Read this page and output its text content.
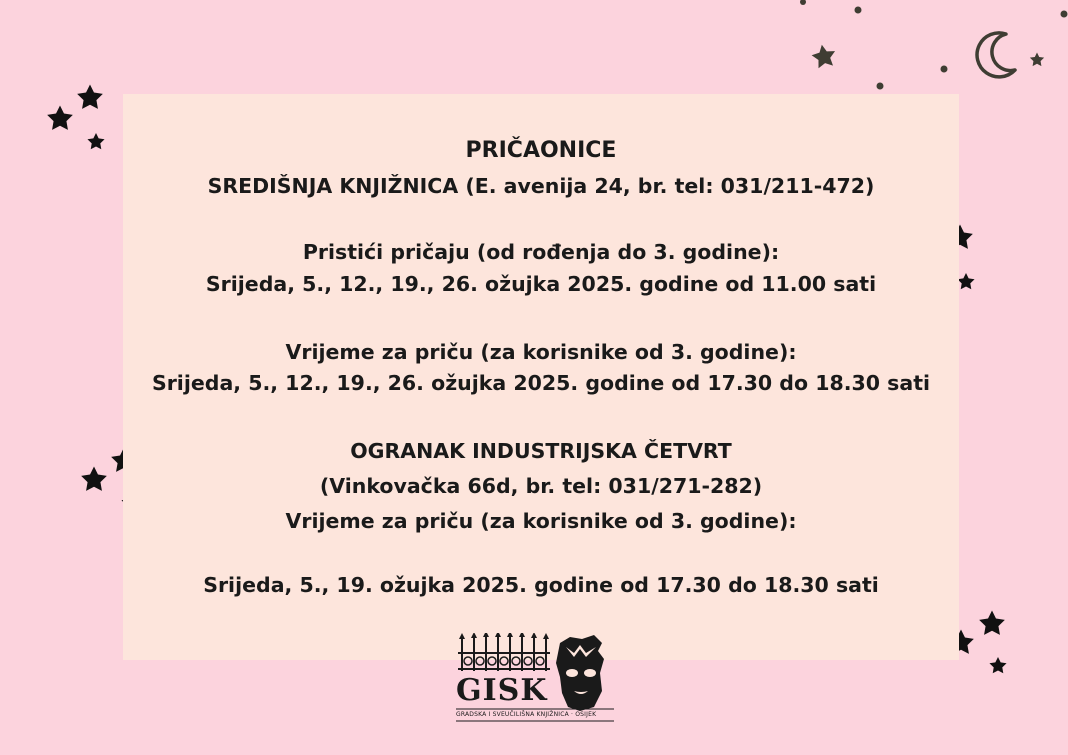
PRIČAONICE
SREDIŠNJA KNJIŽNICA (E. avenija 24, br. tel: 031/211-472)
Pristići pričaju (od rođenja do 3. godine):
Srijeda, 5., 12., 19., 26. ožujka 2025. godine od 11.00 sati
Vrijeme za priču (za korisnike od 3. godine):
Srijeda, 5., 12., 19., 26. ožujka 2025. godine od 17.30 do 18.30 sati
OGRANAK INDUSTRIJSKA ČETVRT
(Vinkovačka 66d, br. tel: 031/271-282)
Vrijeme za priču (za korisnike od 3. godine):
Srijeda, 5., 19. ožujka 2025. godine od 17.30 do 18.30 sati
GISK
GRADSKA I SVEUČILIŠNA KNJIŽNICA · OSIJEK
